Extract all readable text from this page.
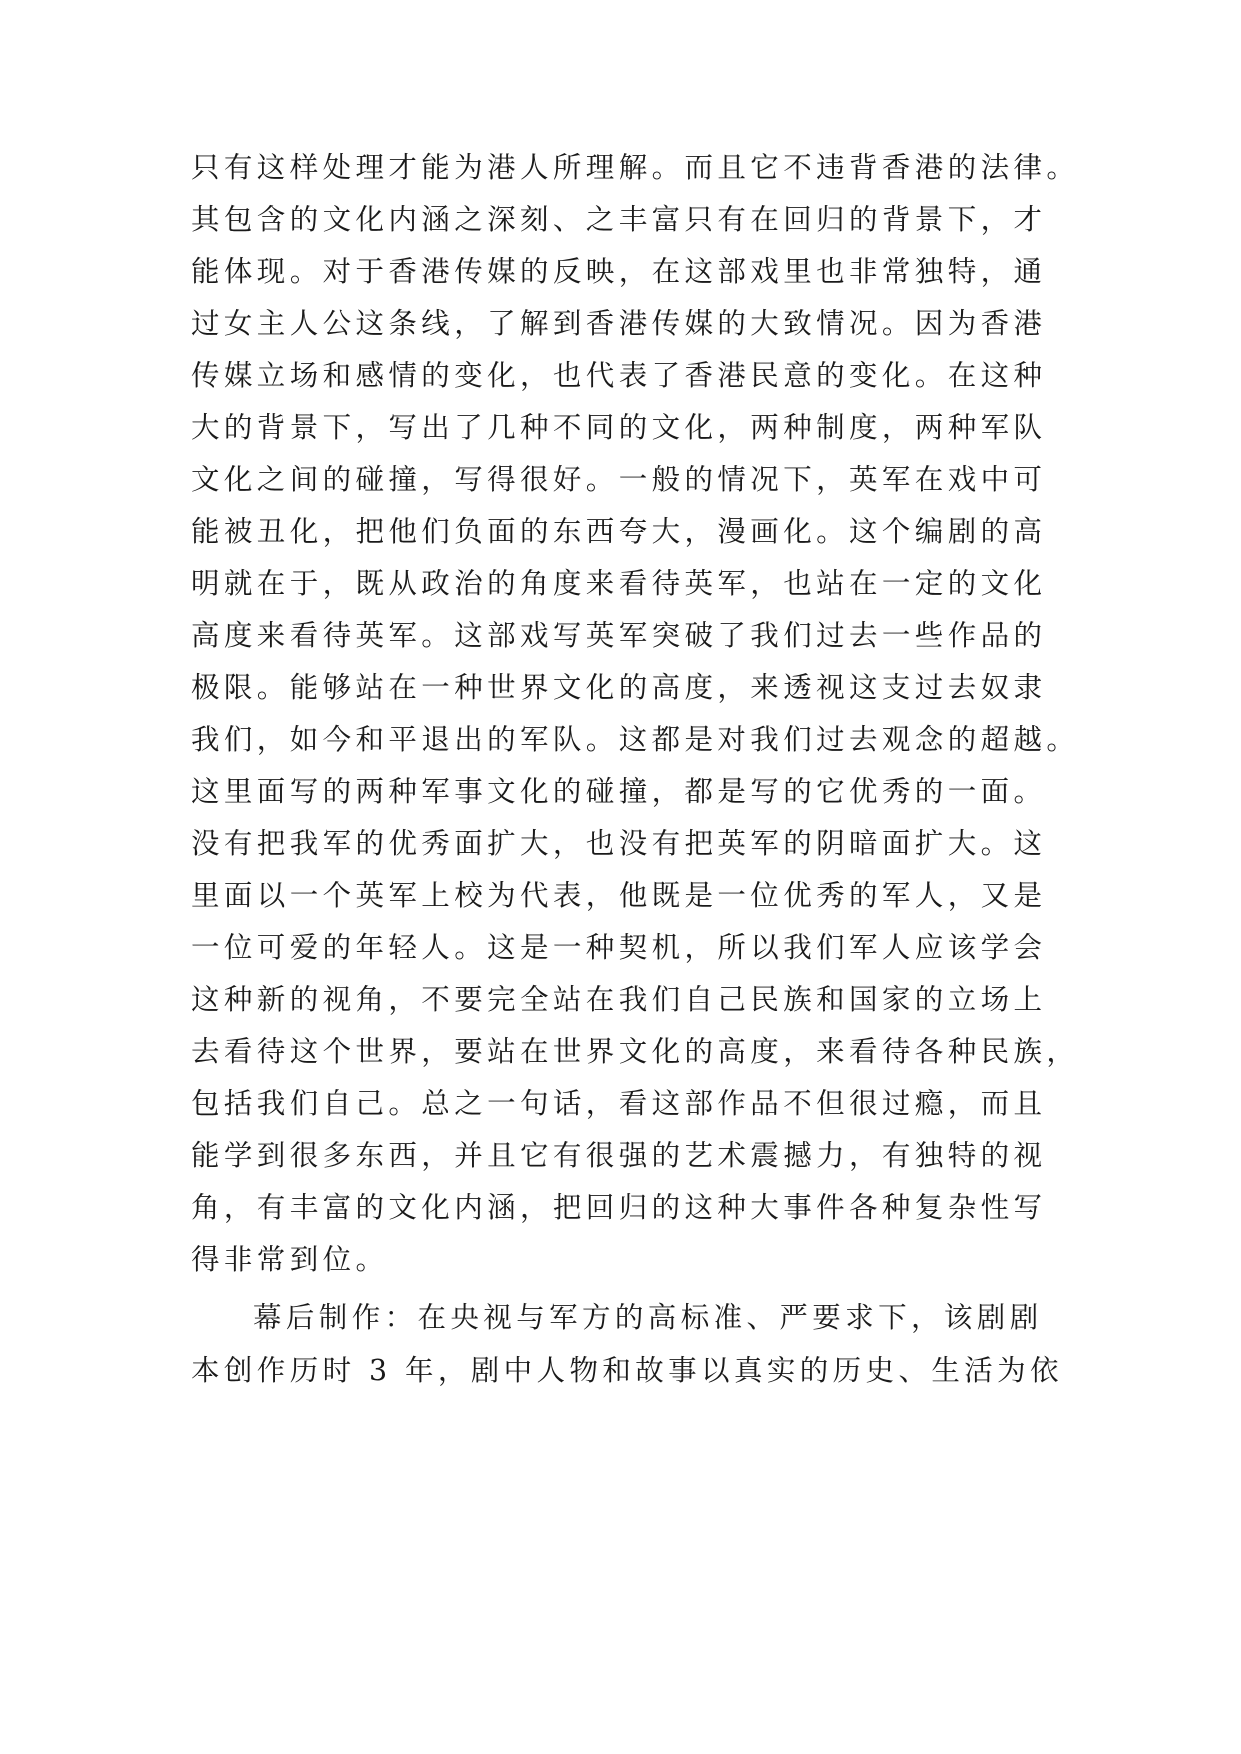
只有这样处理才能为港人所理解。而且它不违背香港的法律。
其包含的文化内涵之深刻、之丰富只有在回归的背景下，才
能体现。对于香港传媒的反映，在这部戏里也非常独特，通
过女主人公这条线，了解到香港传媒的大致情况。因为香港
传媒立场和感情的变化，也代表了香港民意的变化。在这种
大的背景下，写出了几种不同的文化，两种制度，两种军队
文化之间的碰撞，写得很好。一般的情况下，英军在戏中可
能被丑化，把他们负面的东西夸大，漫画化。这个编剧的高
明就在于，既从政治的角度来看待英军，也站在一定的文化
高度来看待英军。这部戏写英军突破了我们过去一些作品的
极限。能够站在一种世界文化的高度，来透视这支过去奴隶
我们，如今和平退出的军队。这都是对我们过去观念的超越。
这里面写的两种军事文化的碰撞，都是写的它优秀的一面。
没有把我军的优秀面扩大，也没有把英军的阴暗面扩大。这
里面以一个英军上校为代表，他既是一位优秀的军人，又是
一位可爱的年轻人。这是一种契机，所以我们军人应该学会
这种新的视角，不要完全站在我们自己民族和国家的立场上
去看待这个世界，要站在世界文化的高度，来看待各种民族，
包括我们自己。总之一句话，看这部作品不但很过瘾，而且
能学到很多东西，并且它有很强的艺术震撼力，有独特的视
角，有丰富的文化内涵，把回归的这种大事件各种复杂性写
得非常到位。
幕后制作：在央视与军方的高标准、严要求下，该剧剧
本创作历时 3 年，剧中人物和故事以真实的历史、生活为依
